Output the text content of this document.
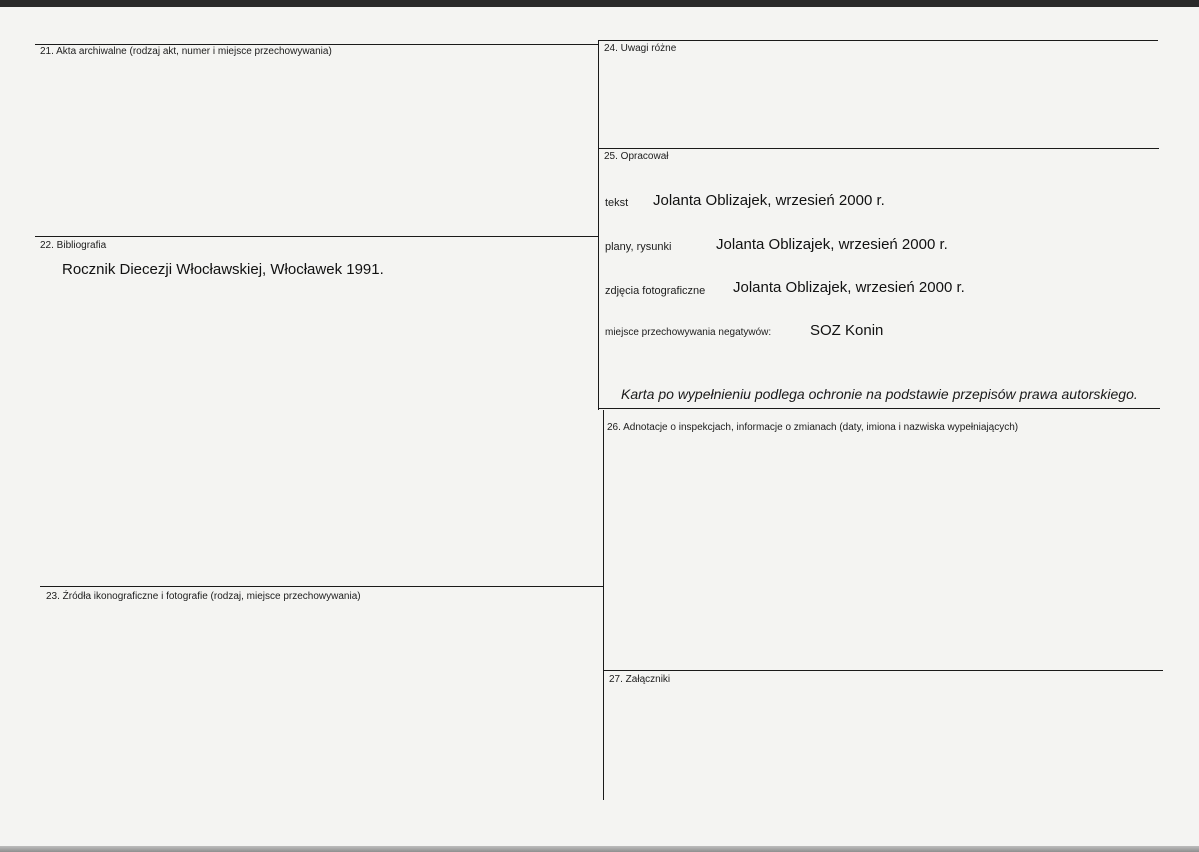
21. Akta archiwalne (rodzaj akt, numer i miejsce przechowywania)
22. Bibliografia
Rocznik Diecezji Włocławskiej, Włocławek 1991.
23. Źródła ikonograficzne i fotografie (rodzaj, miejsce przechowywania)
24. Uwagi różne
25. Opracował
tekst Jolanta Oblizajek, wrzesień 2000 r.
plany, rysunki	Jolanta Oblizajek, wrzesień 2000 r.
zdjęcia fotograficzne Jolanta Oblizajek, wrzesień 2000 r.
miejsce przechowywania negatywów:	SOZ Konin
Karta po wypełnieniu podlega ochronie na podstawie przepisów prawa autorskiego.
26. Adnotacje o inspekcjach, informacje o zmianach (daty, imiona i nazwiska wypełniających)
27. Załączniki
